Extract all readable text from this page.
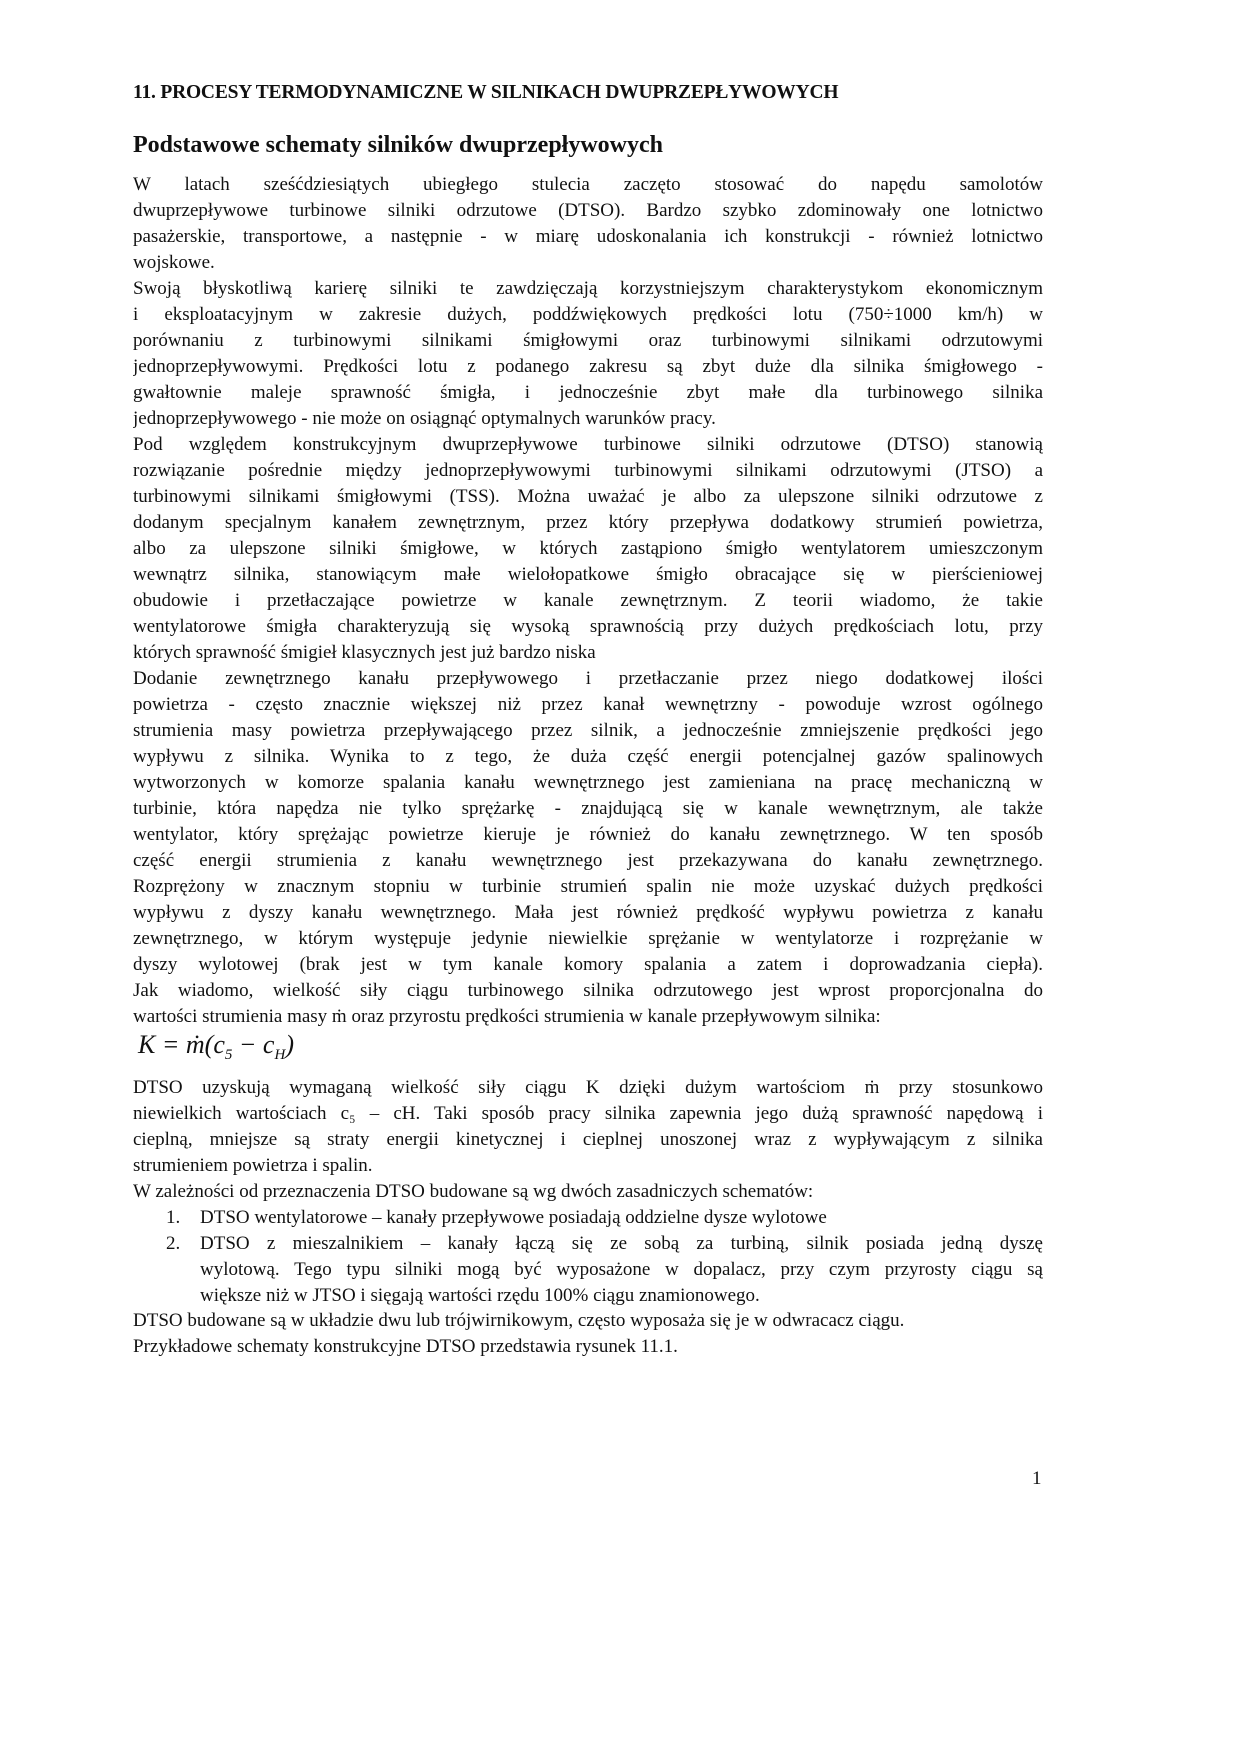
11. PROCESY TERMODYNAMICZNE W SILNIKACH DWUPRZEPŁYWOWYCH
Podstawowe schematy silników dwuprzepływowych
W latach sześćdziesiątych ubiegłego stulecia zaczęto stosować do napędu samolotów
dwuprzepływowe turbinowe silniki odrzutowe (DTSO). Bardzo szybko zdominowały one lotnictwo
pasażerskie, transportowe, a następnie - w miarę udoskonalania ich konstrukcji - również lotnictwo
wojskowe.
Swoją błyskotliwą karierę silniki te zawdzięczają korzystniejszym charakterystykom ekonomicznym
i eksploatacyjnym w zakresie dużych, poddźwiękowych prędkości lotu (750÷1000 km/h) w
porównaniu z turbinowymi silnikami śmigłowymi oraz turbinowymi silnikami odrzutowymi
jednoprzepływowymi. Prędkości lotu z podanego zakresu są zbyt duże dla silnika śmigłowego -
gwałtownie maleje sprawność śmigła, i jednocześnie zbyt małe dla turbinowego silnika
jednoprzepływowego - nie może on osiągnąć optymalnych warunków pracy.
Pod względem konstrukcyjnym dwuprzepływowe turbinowe silniki odrzutowe (DTSO) stanowią
rozwiązanie pośrednie między jednoprzepływowymi turbinowymi silnikami odrzutowymi (JTSO) a
turbinowymi silnikami śmigłowymi (TSS). Można uważać je albo za ulepszone silniki odrzutowe z
dodanym specjalnym kanałem zewnętrznym, przez który przepływa dodatkowy strumień powietrza,
albo za ulepszone silniki śmigłowe, w których zastąpiono śmigło wentylatorem umieszczonym
wewnątrz silnika, stanowiącym małe wielołopatkowe śmigło obracające się w pierścieniowej
obudowie i przetłaczające powietrze w kanale zewnętrznym. Z teorii wiadomo, że takie
wentylatorowe śmigła charakteryzują się wysoką sprawnością przy dużych prędkościach lotu, przy
których sprawność śmigieł klasycznych jest już bardzo niska
Dodanie zewnętrznego kanału przepływowego i przetłaczanie przez niego dodatkowej ilości
powietrza - często znacznie większej niż przez kanał wewnętrzny - powoduje wzrost ogólnego
strumienia masy powietrza przepływającego przez silnik, a jednocześnie zmniejszenie prędkości jego
wypływu z silnika. Wynika to z tego, że duża część energii potencjalnej gazów spalinowych
wytworzonych w komorze spalania kanału wewnętrznego jest zamieniana na pracę mechaniczną w
turbinie, która napędza nie tylko sprężarkę - znajdującą się w kanale wewnętrznym, ale także
wentylator, który sprężając powietrze kieruje je również do kanału zewnętrznego. W ten sposób
część energii strumienia z kanału wewnętrznego jest przekazywana do kanału zewnętrznego.
Rozprężony w znacznym stopniu w turbinie strumień spalin nie może uzyskać dużych prędkości
wypływu z dyszy kanału wewnętrznego. Mała jest również prędkość wypływu powietrza z kanału
zewnętrznego, w którym występuje jedynie niewielkie sprężanie w wentylatorze i rozprężanie w
dyszy wylotowej (brak jest w tym kanale komory spalania a zatem i doprowadzania ciepła).
Jak wiadomo, wielkość siły ciągu turbinowego silnika odrzutowego jest wprost proporcjonalna do
wartości strumienia masy ṁ oraz przyrostu prędkości strumienia w kanale przepływowym silnika:
$K = ṁ(c_5 - c_H)$
DTSO uzyskują wymaganą wielkość siły ciągu K dzięki dużym wartościom ṁ przy stosunkowo
niewielkich wartościach c₅ – cH. Taki sposób pracy silnika zapewnia jego dużą sprawność napędową i
cieplną, mniejsze są straty energii kinetycznej i cieplnej unoszonej wraz z wypływającym z silnika
strumieniem powietrza i spalin.
W zależności od przeznaczenia DTSO budowane są wg dwóch zasadniczych schematów:
1. DTSO wentylatorowe – kanały przepływowe posiadają oddzielne dysze wylotowe
2. DTSO z mieszalnikiem – kanały łączą się ze sobą za turbiną, silnik posiada jedną dyszę
wylotową. Tego typu silniki mogą być wyposażone w dopalacz, przy czym przyrosty ciągu są
większe niż w JTSO i sięgają wartości rzędu 100% ciągu znamionowego.
DTSO budowane są w układzie dwu lub trójwirnikowym, często wyposaża się je w odwracacz ciągu.
Przykładowe schematy konstrukcyjne DTSO przedstawia rysunek 11.1.
1
